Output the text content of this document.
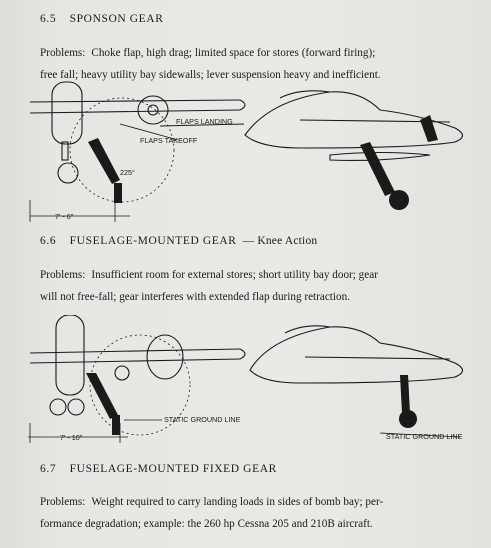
6.5 SPONSON GEAR
Problems: Choke flap, high drag; limited space for stores (forward firing);
free fall; heavy utility bay sidewalls; lever suspension heavy and inefficient.
FLAPS LANDING
FLAPS TAKEOFF
225°
7' - 6"
6.6 FUSELAGE-MOUNTED GEAR — Knee Action
Problems: Insufficient room for external stores; short utility bay door; gear
will not free-fall; gear interferes with extended flap during retraction.
STATIC GROUND LINE
7' - 10"	STATIC GROUND LINE
6.7 FUSELAGE-MOUNTED FIXED GEAR
Problems: Weight required to carry landing loads in sides of bomb bay; per-
formance degradation; example: the 260 hp Cessna 205 and 210B aircraft.
